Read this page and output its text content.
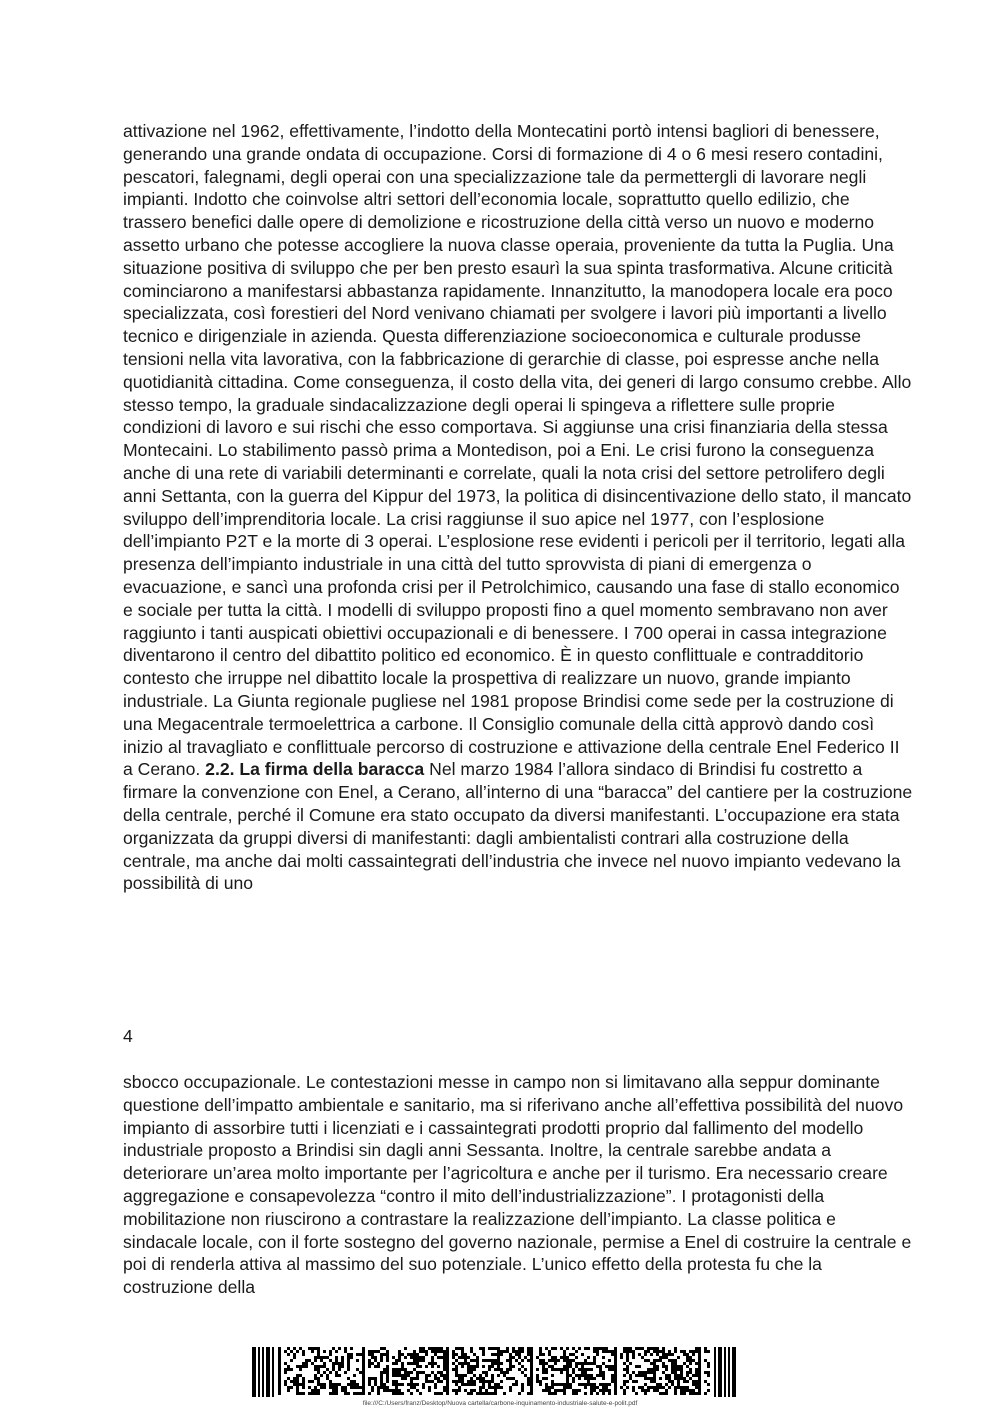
attivazione nel 1962, effettivamente, l’indotto della Montecatini portò intensi bagliori di benessere, generando una grande ondata di occupazione. Corsi di formazione di 4 o 6 mesi resero contadini, pescatori, falegnami, degli operai con una specializzazione tale da permettergli di lavorare negli impianti. Indotto che coinvolse altri settori dell’economia locale, soprattutto quello edilizio, che trassero benefici dalle opere di demolizione e ricostruzione della città verso un nuovo e moderno assetto urbano che potesse accogliere la nuova classe operaia, proveniente da tutta la Puglia. Una situazione positiva di sviluppo che per ben presto esaurì la sua spinta trasformativa. Alcune criticità cominciarono a manifestarsi abbastanza rapidamente. Innanzitutto, la manodopera locale era poco specializzata, così forestieri del Nord venivano chiamati per svolgere i lavori più importanti a livello tecnico e dirigenziale in azienda. Questa differenziazione socioeconomica e culturale produsse tensioni nella vita lavorativa, con la fabbricazione di gerarchie di classe, poi espresse anche nella quotidianità cittadina. Come conseguenza, il costo della vita, dei generi di largo consumo crebbe. Allo stesso tempo, la graduale sindacalizzazione degli operai li spingeva a riflettere sulle proprie condizioni di lavoro e sui rischi che esso comportava. Si aggiunse una crisi finanziaria della stessa Montecaini. Lo stabilimento passò prima a Montedison, poi a Eni. Le crisi furono la conseguenza anche di una rete di variabili determinanti e correlate, quali la nota crisi del settore petrolifero degli anni Settanta, con la guerra del Kippur del 1973, la politica di disincentivazione dello stato, il mancato sviluppo dell’imprenditoria locale. La crisi raggiunse il suo apice nel 1977, con l’esplosione dell’impianto P2T e la morte di 3 operai. L’esplosione rese evidenti i pericoli per il territorio, legati alla presenza dell’impianto industriale in una città del tutto sprovvista di piani di emergenza o evacuazione, e sancì una profonda crisi per il Petrolchimico, causando una fase di stallo economico e sociale per tutta la città. I modelli di sviluppo proposti fino a quel momento sembravano non aver raggiunto i tanti auspicati obiettivi occupazionali e di benessere. I 700 operai in cassa integrazione diventarono il centro del dibattito politico ed economico. È in questo conflittuale e contradditorio contesto che irruppe nel dibattito locale la prospettiva di realizzare un nuovo, grande impianto industriale. La Giunta regionale pugliese nel 1981 propose Brindisi come sede per la costruzione di una Megacentrale termoelettrica a carbone. Il Consiglio comunale della città approvò dando così inizio al travagliato e conflittuale percorso di costruzione e attivazione della centrale Enel Federico II a Cerano. 2.2. La firma della baracca Nel marzo 1984 l’allora sindaco di Brindisi fu costretto a firmare la convenzione con Enel, a Cerano, all’interno di una “baracca” del cantiere per la costruzione della centrale, perché il Comune era stato occupato da diversi manifestanti. L’occupazione era stata organizzata da gruppi diversi di manifestanti: dagli ambientalisti contrari alla costruzione della centrale, ma anche dai molti cassaintegrati dell’industria che invece nel nuovo impianto vedevano la possibilità di uno

4

sbocco occupazionale. Le contestazioni messe in campo non si limitavano alla seppur dominante questione dell’impatto ambientale e sanitario, ma si riferivano anche all’effettiva possibilità del nuovo impianto di assorbire tutti i licenziati e i cassaintegrati prodotti proprio dal fallimento del modello industriale proposto a Brindisi sin dagli anni Sessanta. Inoltre, la centrale sarebbe andata a deteriorare un’area molto importante per l’agricoltura e anche per il turismo. Era necessario creare aggregazione e consapevolezza “contro il mito dell’industrializzazione”. I protagonisti della mobilitazione non riuscirono a contrastare la realizzazione dell’impianto. La classe politica e sindacale locale, con il forte sostegno del governo nazionale, permise a Enel di costruire la centrale e poi di renderla attiva al massimo del suo potenziale. L’unico effetto della protesta fu che la costruzione della

file:///C:/Users/franz/Desktop/Nuova cartella/carbone-inquinamento-industriale-salute-e-polit.pdf
